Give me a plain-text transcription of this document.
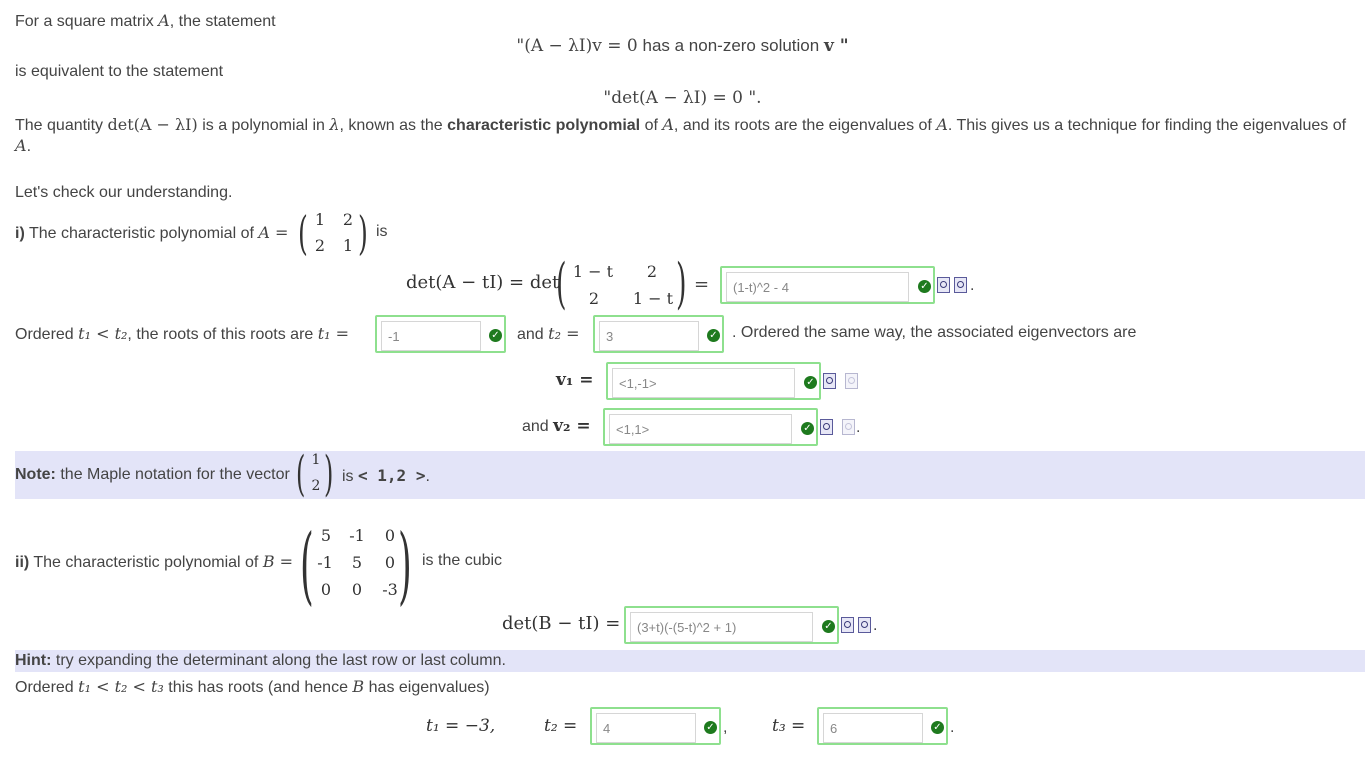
For a square matrix A, the statement
"(A − λI)v = 0 has a non-zero solution v "
is equivalent to the statement
"det(A − λI) = 0 ".
The quantity det(A − λI) is a polynomial in λ, known as the characteristic polynomial of A, and its roots are the eigenvalues of A. This gives us a technique for finding the eigenvalues of
A.
Let's check our understanding.
i) The characteristic polynomial of A = ( 1 2
2 1 ) is
det(A − tI) = det
( 1 − t	2
2	1 − t ) =
(1-t)^2 - 4	✓	.
Ordered t₁ < t₂, the roots of this roots are t₁ =
-1	✓ and t₂ =
3	✓ . Ordered the same way, the associated eigenvectors are
v₁ =
<1,-1>	✓
and v₂ =
<1,1>	✓	.
Note: the Maple notation for the vector ( 1
2 ) is < 1,2 >.
ii) The characteristic polynomial of B = ( 5	-1	0
-1	5	0
0	0	-3 ) is the cubic
det(B − tI) =
(3+t)(-(5-t)^2 + 1)	✓	.
Hint: try expanding the determinant along the last row or last column.
Ordered t₁ < t₂ < t₃ this has roots (and hence B has eigenvalues)
t₁ = −3,	t₂ =
4	✓ ,	t₃ =
6	✓ .
